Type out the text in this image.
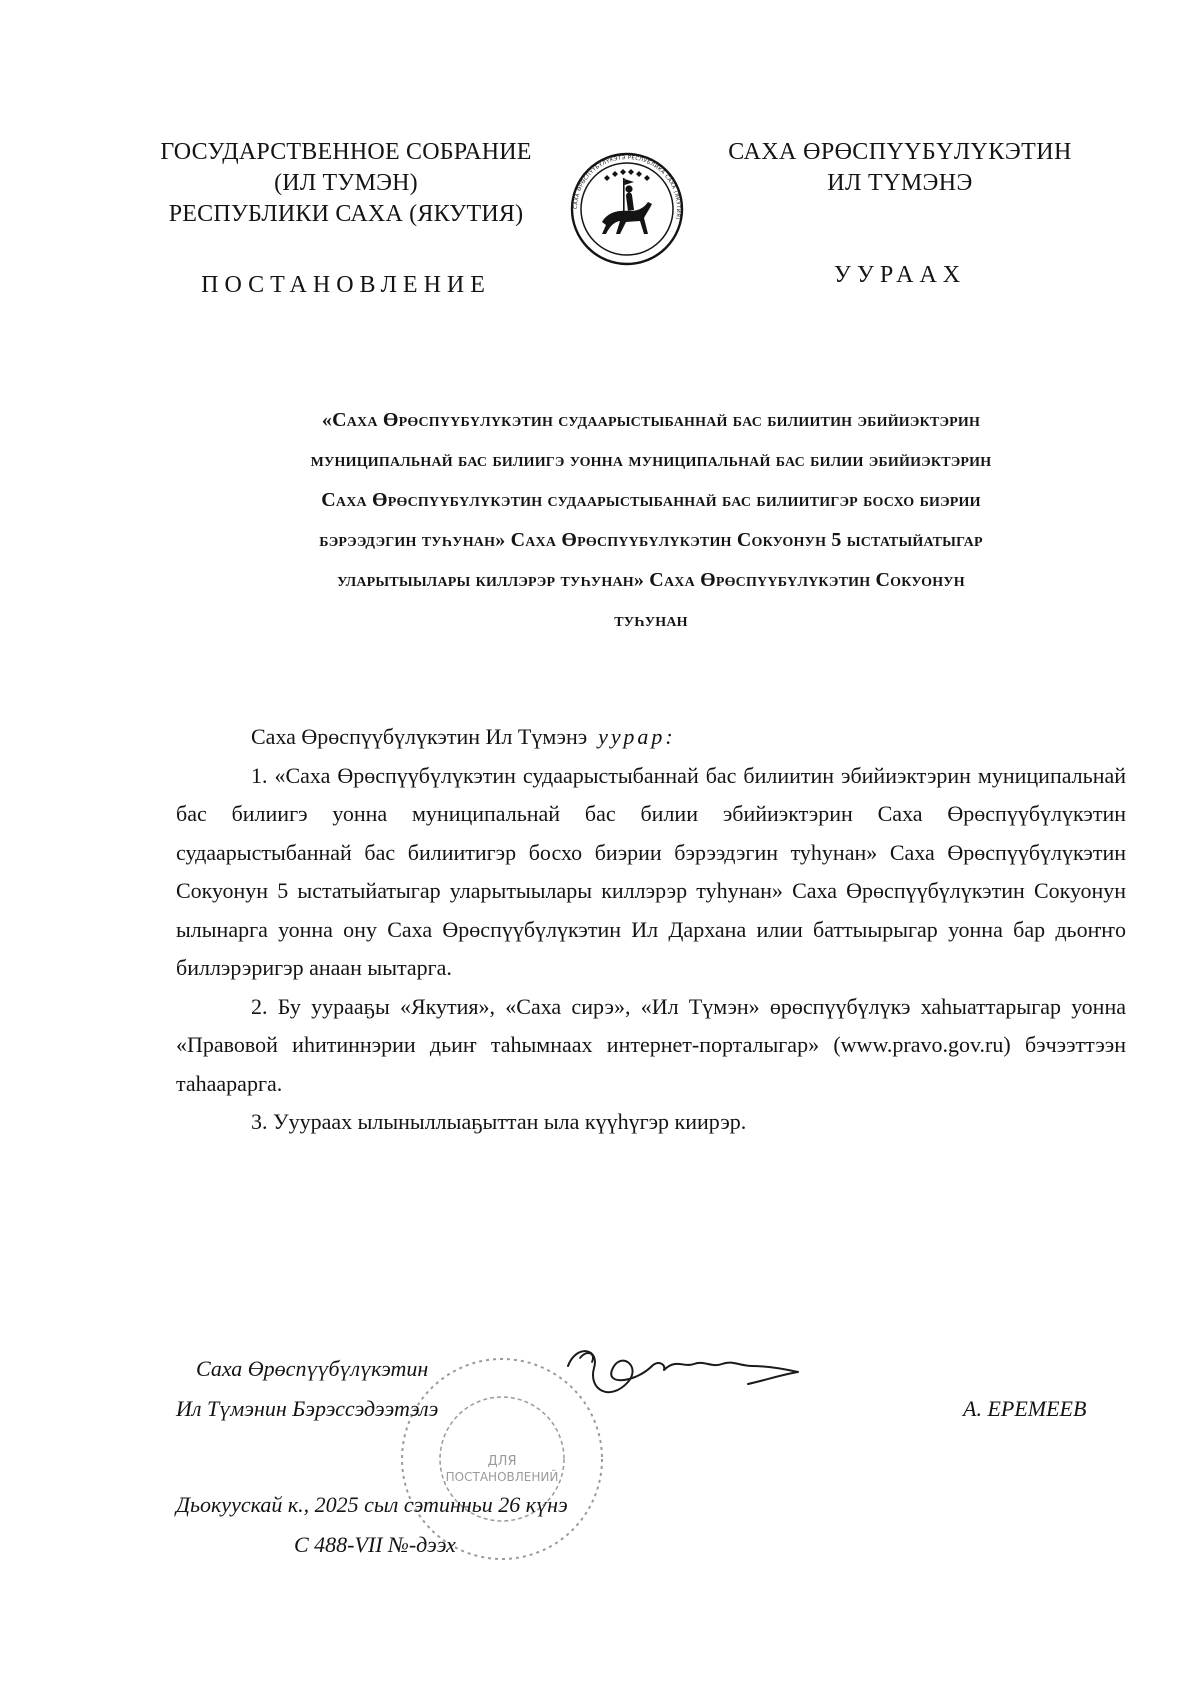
ГОСУДАРСТВЕННОЕ СОБРАНИЕ
(ИЛ ТУМЭН)
РЕСПУБЛИКИ САХА (ЯКУТИЯ)	САХА ӨРӨСПҮҮБҮЛҮКЭТЭ РЕСПУБЛИКА САХА (ЯКУТИЯ)
САХА ӨРӨСПҮҮБҮЛҮКЭТИН
ИЛ ТҮМЭНЭ
ПОСТАНОВЛЕНИЕ	УУРААХ
«Саха Өрөспүүбүлүкэтин судаарыстыбаннай бас билиитин эбийиэктэрин
муниципальнай бас билиигэ уонна муниципальнай бас билии эбийиэктэрин
Саха Өрөспүүбүлүкэтин судаарыстыбаннай бас билиитигэр босхо биэрии
бэрээдэгин туһунан» Саха Өрөспүүбүлүкэтин Сокуонун 5 ыстатыйатыгар
уларытыылары киллэрэр туһунан» Саха Өрөспүүбүлүкэтин Сокуонун
туһунан

Саха Өрөспүүбүлүкэтин Ил Түмэнэ уурар:

1. «Саха Өрөспүүбүлүкэтин судаарыстыбаннай бас билиитин эбийиэктэрин муниципальнай бас билиигэ уонна муниципальнай бас билии эбийиэктэрин Саха Өрөспүүбүлүкэтин судаарыстыбаннай бас билиитигэр босхо биэрии бэрээдэгин туһунан» Саха Өрөспүүбүлүкэтин Сокуонун 5 ыстатыйатыгар уларытыылары киллэрэр туһунан» Саха Өрөспүүбүлүкэтин Сокуонун ылынарга уонна ону Саха Өрөспүүбүлүкэтин Ил Дархана илии баттыырыгар уонна бар дьоҥҥо биллэрэригэр анаан ыытарга.

2. Бу уурааҕы «Якутия», «Саха сирэ», «Ил Түмэн» өрөспүүбүлүкэ хаһыаттарыгар уонна «Правовой иһитиннэрии дьиҥ таһымнаах интернет-порталыгар» (www.pravo.gov.ru) бэчээттээн таһаарарга.

3. Ууураах ылыныллыаҕыттан ыла күүһүгэр киирэр.

ДЛЯ
ПОСТАНОВЛЕНИЙ
Саха Өрөспүүбүлүкэтин
Ил Түмэнин Бэрэссэдээтэлэ	А. ЕРЕМЕЕВ
Дьокуускай к., 2025 сыл сэтинньи 26 күнэ
С 488-VII №-дээх
